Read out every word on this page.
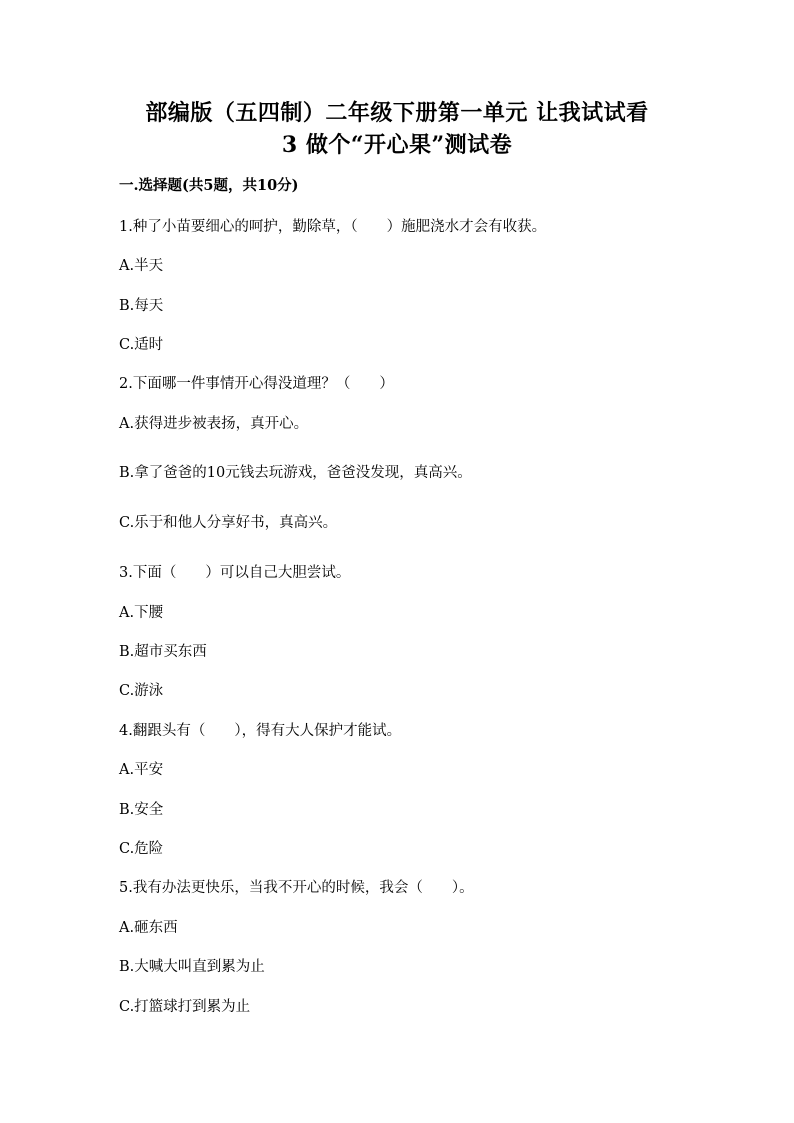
部编版（五四制）二年级下册第一单元 让我试试看
3 做个“开心果”测试卷
一.选择题(共5题，共10分)
1.种了小苗要细心的呵护，勤除草，（　　）施肥浇水才会有收获。
A.半天
B.每天
C.适时
2.下面哪一件事情开心得没道理？（　　）
A.获得进步被表扬，真开心。
B.拿了爸爸的10元钱去玩游戏，爸爸没发现，真高兴。
C.乐于和他人分享好书，真高兴。
3.下面（　　）可以自己大胆尝试。
A.下腰
B.超市买东西
C.游泳
4.翻跟头有（　　），得有大人保护才能试。
A.平安
B.安全
C.危险
5.我有办法更快乐，当我不开心的时候，我会（　　）。
A.砸东西
B.大喊大叫直到累为止
C.打篮球打到累为止
